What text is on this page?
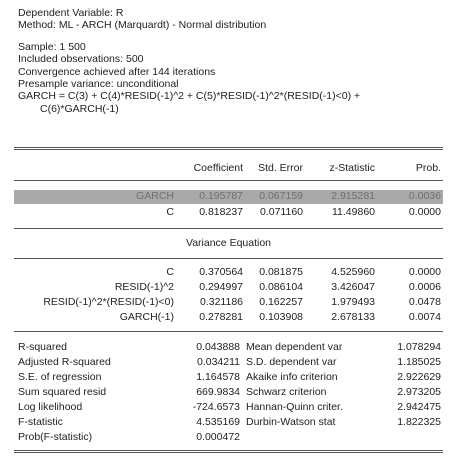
Dependent Variable: R
Method: ML - ARCH (Marquardt) - Normal distribution
Sample: 1 500
Included observations: 500
Convergence achieved after 144 iterations
Presample variance: unconditional
GARCH = C(3) + C(4)*RESID(-1)^2 + C(5)*RESID(-1)^2*(RESID(-1)<0) +
C(6)*GARCH(-1)
Coefficient Std. Error	z-Statistic	Prob.
GARCH 0.195787 0.067159	2.915281	0.0036
C 0.818237 0.071160	11.49860	0.0000
Variance Equation
C 0.370564 0.081875	4.525960	0.0000
RESID(-1)^2 0.294997 0.086104	3.426047	0.0006
RESID(-1)^2*(RESID(-1)<0) 0.321186 0.162257	1.979493	0.0478
GARCH(-1) 0.278281 0.103908	2.678133	0.0074
R-squared	0.043888 Mean dependent var	1.078294
Adjusted R-squared	0.034211 S.D. dependent var	1.185025
S.E. of regression	1.164578 Akaike info criterion	2.922629
Sum squared resid	669.9834 Schwarz criterion	2.973205
Log likelihood	-724.6573 Hannan-Quinn criter.	2.942475
F-statistic	4.535169 Durbin-Watson stat	1.822325
Prob(F-statistic)	0.000472
